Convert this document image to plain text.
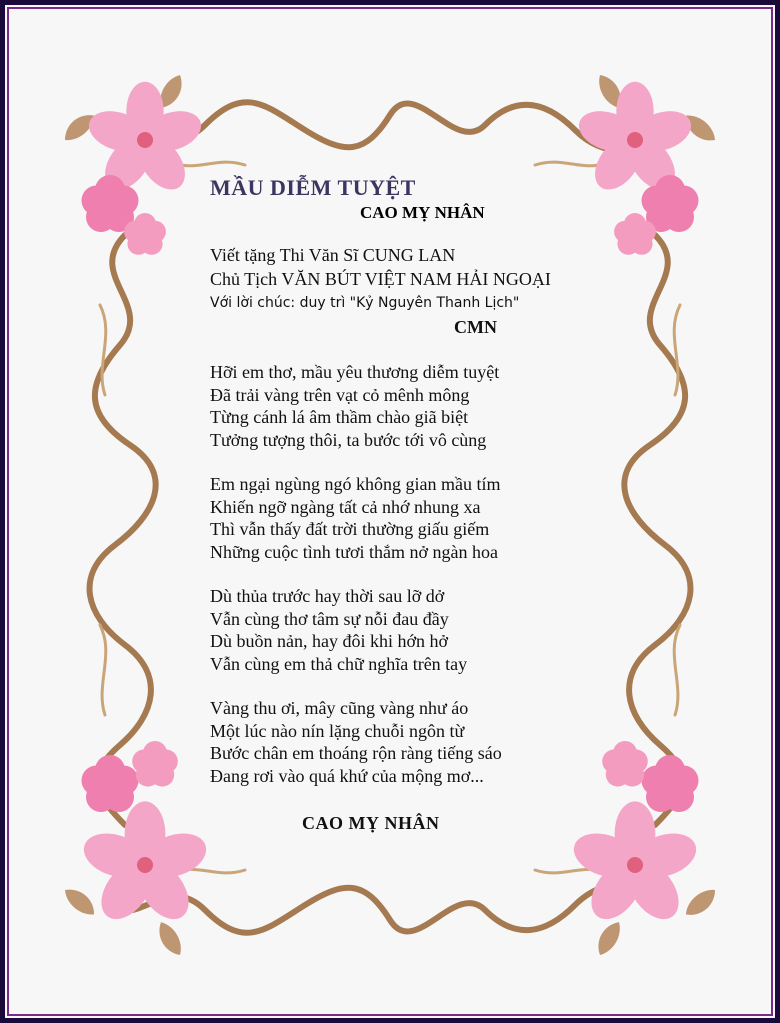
MẦU DIỄM TUYỆT
CAO MỴ NHÂN
Viết tặng Thi Văn Sĩ CUNG LAN
Chủ Tịch VĂN BÚT VIỆT NAM HẢI NGOẠI
Với lời chúc: duy trì "Kỷ Nguyên Thanh Lịch"
CMN
Hỡi em thơ, mầu yêu thương diễm tuyệt
Đã trải vàng trên vạt cỏ mênh mông
Từng cánh lá âm thầm chào giã biệt
Tưởng tượng thôi, ta bước tới vô cùng
Em ngại ngùng ngó không gian mầu tím
Khiến ngỡ ngàng tất cả nhớ nhung xa
Thì vẫn thấy đất trời thường giấu giếm
Những cuộc tình tươi thắm nở ngàn hoa
Dù thủa trước hay thời sau lỡ dở
Vẫn cùng thơ tâm sự nỗi đau đầy
Dù buồn nản, hay đôi khi hớn hở
Vẫn cùng em thả chữ nghĩa trên tay
Vàng thu ơi, mây cũng vàng như áo
Một lúc nào nín lặng chuỗi ngôn từ
Bước chân em thoáng rộn ràng tiếng sáo
Đang rơi vào quá khứ của mộng mơ...
CAO MỴ NHÂN
